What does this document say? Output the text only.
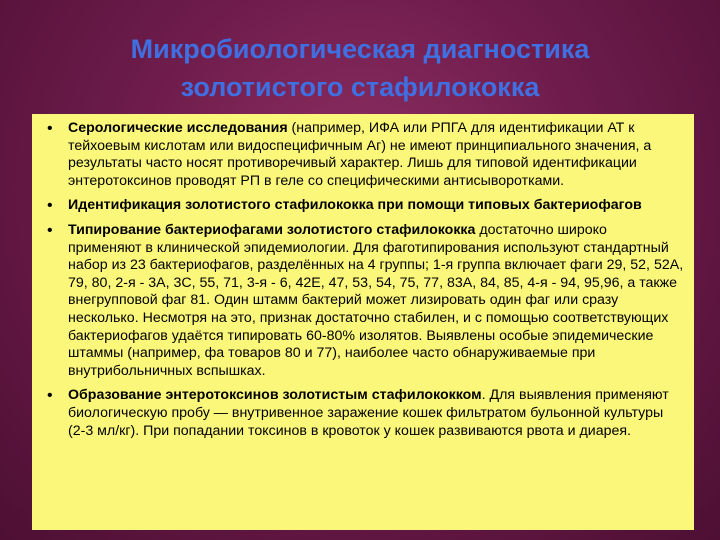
Микробиологическая диагностика
золотистого стафилококка
• Серологические исследования (например, ИФА или РПГА для идентификации АТ к тейхоевым кислотам или видоспецифичным Аг) не имеют принципиального значения, а результаты часто носят противоречивый характер. Лишь для типовой идентификации энтеротоксинов проводят РП в геле со специфическими антисыворотками.
• Идентификация золотистого стафилококка при помощи типовых бактериофагов
• Типирование бактериофагами золотистого стафилококка достаточно широко применяют в клинической эпидемиологии. Для фаготипирования используют стандартный набор из 23 бактериофагов, разделённых на 4 группы; 1-я группа включает фаги 29, 52, 52А, 79, 80, 2-я - 3А, 3С, 55, 71, 3-я - 6, 42Е, 47, 53, 54, 75, 77, 83А, 84, 85, 4-я - 94, 95,96, а также внегрупповой фаг 81. Один штамм бактерий может лизировать один фаг или сразу несколько. Несмотря на это, признак достаточно стабилен, и с помощью соответствующих бактериофагов удаётся типировать 60-80% изолятов. Выявлены особые эпидемические штаммы (например, фа товаров 80 и 77), наиболее часто обнаруживаемые при внутрибольничных вспышках.
• Образование энтеротоксинов золотистым стафилококком. Для выявления применяют биологическую пробу — внутривенное заражение кошек фильтратом бульонной культуры (2-3 мл/кг). При попадании токсинов в кровоток у кошек развиваются рвота и диарея.
